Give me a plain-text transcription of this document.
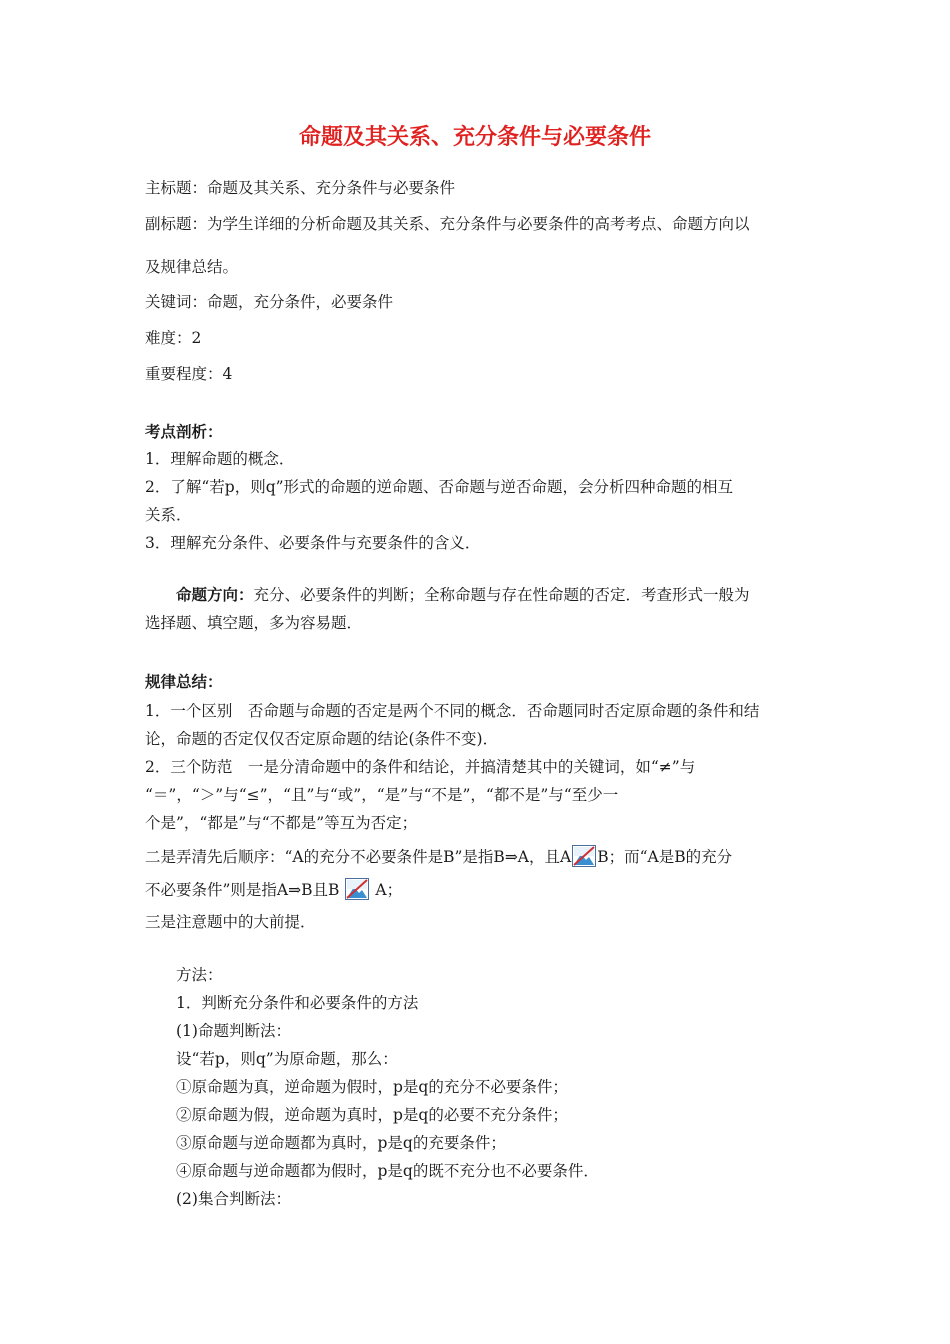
命题及其关系、充分条件与必要条件
主标题：命题及其关系、充分条件与必要条件
副标题：为学生详细的分析命题及其关系、充分条件与必要条件的高考考点、命题方向以
及规律总结。
关键词：命题，充分条件，必要条件
难度：2
重要程度：4
考点剖析：
1．理解命题的概念．
2．了解“若p，则q”形式的命题的逆命题、否命题与逆否命题，会分析四种命题的相互
关系．
3．理解充分条件、必要条件与充要条件的含义．
命题方向：充分、必要条件的判断；全称命题与存在性命题的否定．考查形式一般为
选择题、填空题，多为容易题．
规律总结：
1．一个区别　否命题与命题的否定是两个不同的概念．否命题同时否定原命题的条件和结
论，命题的否定仅仅否定原命题的结论(条件不变)．
2．三个防范　一是分清命题中的条件和结论，并搞清楚其中的关键词，如“≠”与
“＝”，“＞”与“≤”，“且”与“或”，“是”与“不是”，“都不是”与“至少一
个是”，“都是”与“不都是”等互为否定；
二是弄清先后顺序：“A的充分不必要条件是B”是指B⇒A，且A B；而“A是B的充分
不必要条件”则是指A⇒B且B A；
三是注意题中的大前提．
方法：
1．判断充分条件和必要条件的方法
(1)命题判断法：
设“若p，则q”为原命题，那么：
①原命题为真，逆命题为假时，p是q的充分不必要条件；
②原命题为假，逆命题为真时，p是q的必要不充分条件；
③原命题与逆命题都为真时，p是q的充要条件；
④原命题与逆命题都为假时，p是q的既不充分也不必要条件．
(2)集合判断法：
